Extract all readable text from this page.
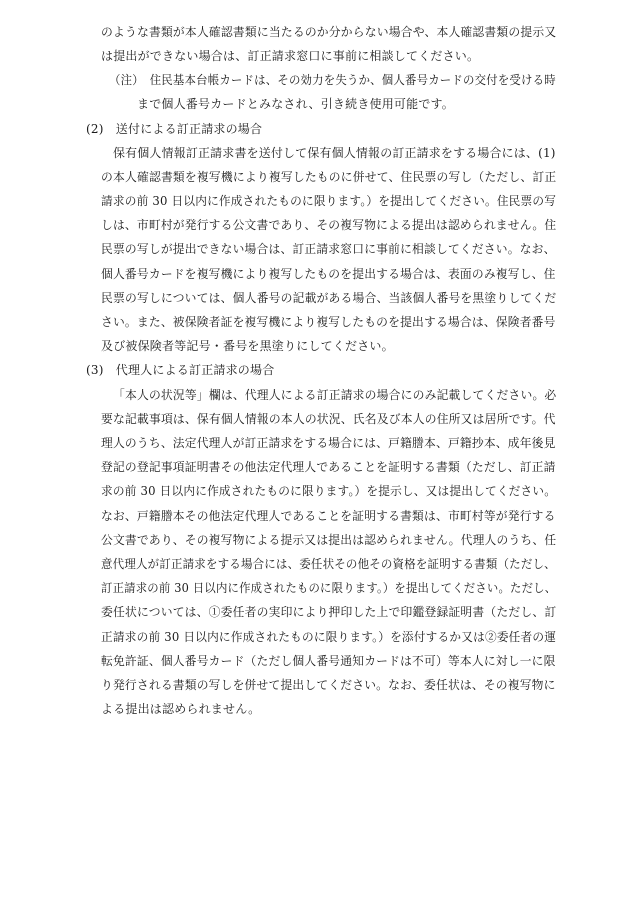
のような書類が本人確認書類に当たるのか分からない場合や、本人確認書類の提示又
は提出ができない場合は、訂正請求窓口に事前に相談してください。
（注）　住民基本台帳カードは、その効力を失うか、個人番号カードの交付を受ける時
まで個人番号カードとみなされ、引き続き使用可能です。
(2)　送付による訂正請求の場合
保有個人情報訂正請求書を送付して保有個人情報の訂正請求をする場合には、(1)
の本人確認書類を複写機により複写したものに併せて、住民票の写し（ただし、訂正
請求の前 30 日以内に作成されたものに限ります。）を提出してください。住民票の写
しは、市町村が発行する公文書であり、その複写物による提出は認められません。住
民票の写しが提出できない場合は、訂正請求窓口に事前に相談してください。なお、
個人番号カードを複写機により複写したものを提出する場合は、表面のみ複写し、住
民票の写しについては、個人番号の記載がある場合、当該個人番号を黒塗りしてくだ
さい。また、被保険者証を複写機により複写したものを提出する場合は、保険者番号
及び被保険者等記号・番号を黒塗りにしてください。
(3)　代理人による訂正請求の場合
「本人の状況等」欄は、代理人による訂正請求の場合にのみ記載してください。必
要な記載事項は、保有個人情報の本人の状況、氏名及び本人の住所又は居所です。代
理人のうち、法定代理人が訂正請求をする場合には、戸籍謄本、戸籍抄本、成年後見
登記の登記事項証明書その他法定代理人であることを証明する書類（ただし、訂正請
求の前 30 日以内に作成されたものに限ります。）を提示し、又は提出してください。
なお、戸籍謄本その他法定代理人であることを証明する書類は、市町村等が発行する
公文書であり、その複写物による提示又は提出は認められません。代理人のうち、任
意代理人が訂正請求をする場合には、委任状その他その資格を証明する書類（ただし、
訂正請求の前 30 日以内に作成されたものに限ります。）を提出してください。ただし、
委任状については、①委任者の実印により押印した上で印鑑登録証明書（ただし、訂
正請求の前 30 日以内に作成されたものに限ります。）を添付するか又は②委任者の運
転免許証、個人番号カード（ただし個人番号通知カードは不可）等本人に対し一に限
り発行される書類の写しを併せて提出してください。なお、委任状は、その複写物に
よる提出は認められません。
